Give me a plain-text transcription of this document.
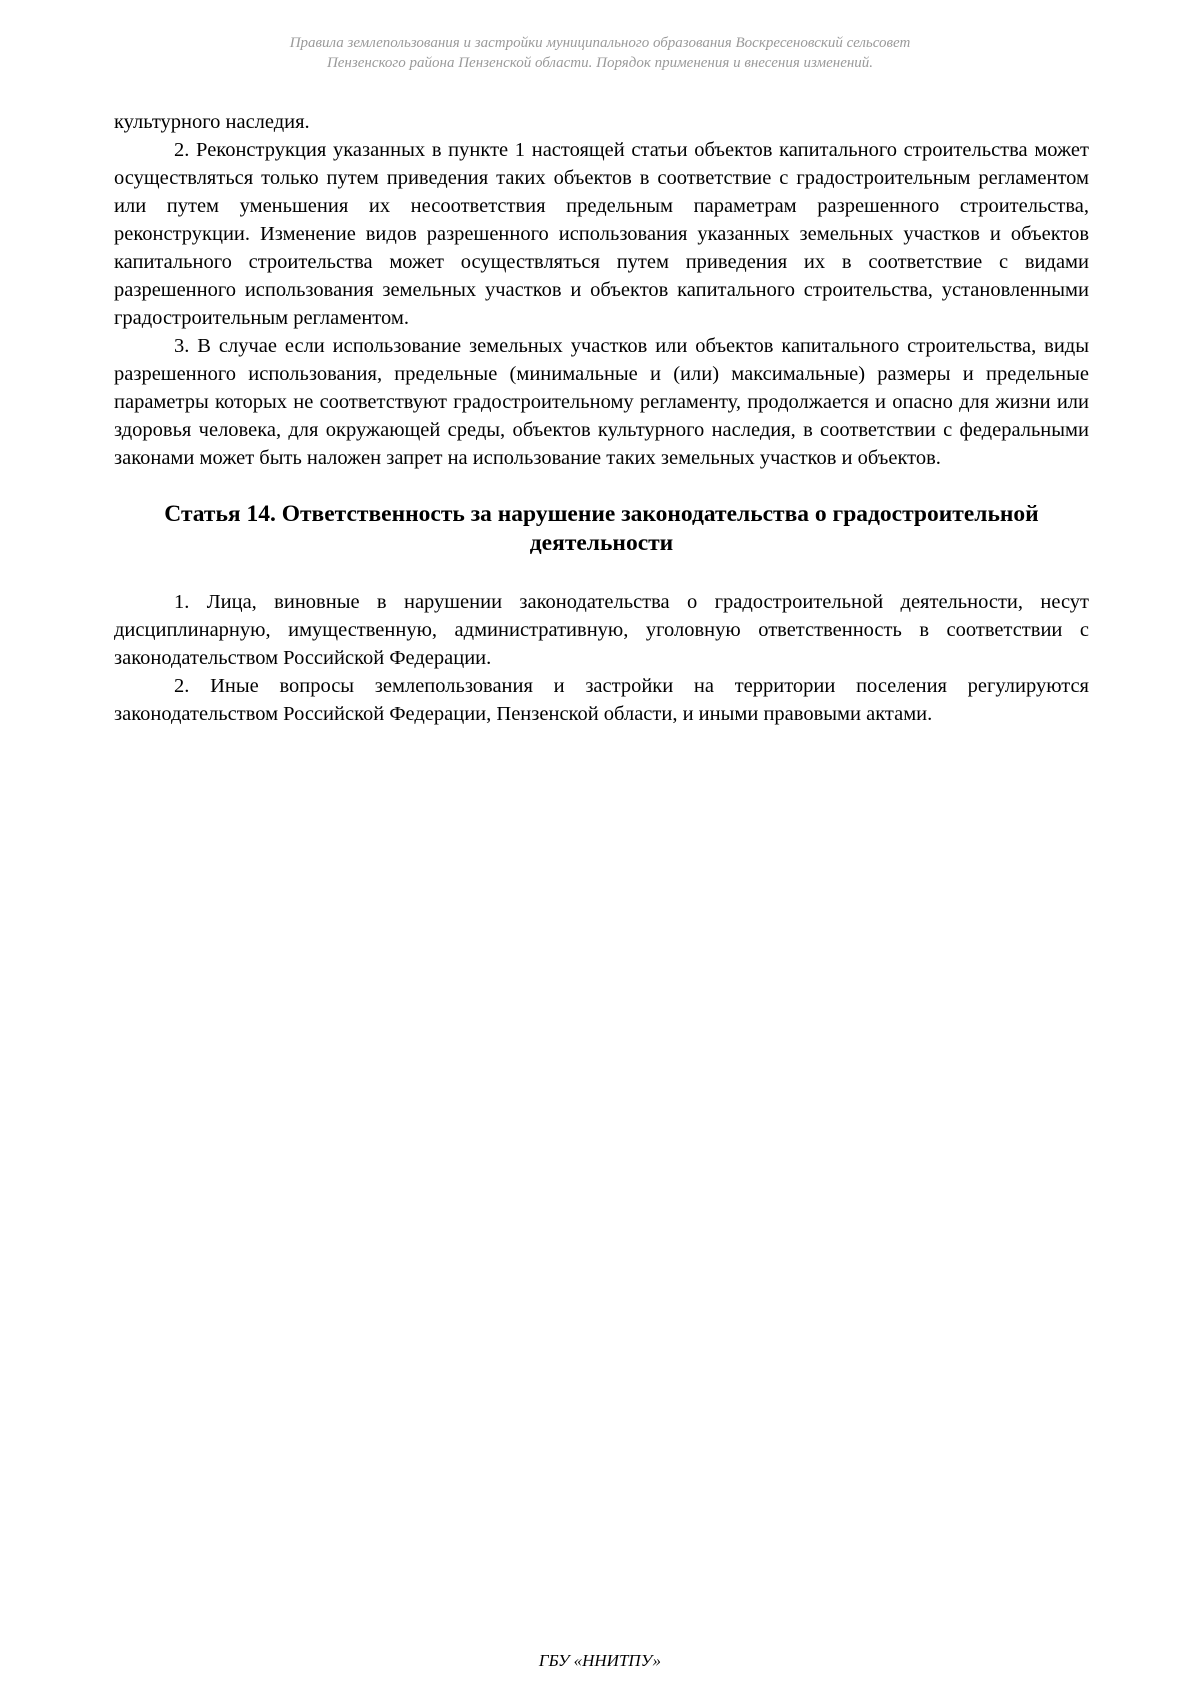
Правила землепользования и застройки муниципального образования Воскресеновский сельсовет
Пензенского района Пензенской области. Порядок применения и внесения изменений.

культурного наследия.

2. Реконструкция указанных в пункте 1 настоящей статьи объектов капитального строительства может осуществляться только путем приведения таких объектов в соответствие с градостроительным регламентом или путем уменьшения их несоответствия предельным параметрам разрешенного строительства, реконструкции. Изменение видов разрешенного использования указанных земельных участков и объектов капитального строительства может осуществляться путем приведения их в соответствие с видами разрешенного использования земельных участков и объектов капитального строительства, установленными градостроительным регламентом.

3. В случае если использование земельных участков или объектов капитального строительства, виды разрешенного использования, предельные (минимальные и (или) максимальные) размеры и предельные параметры которых не соответствуют градостроительному регламенту, продолжается и опасно для жизни или здоровья человека, для окружающей среды, объектов культурного наследия, в соответствии с федеральными законами может быть наложен запрет на использование таких земельных участков и объектов.

Статья 14. Ответственность за нарушение законодательства о градостроительной деятельности

1. Лица, виновные в нарушении законодательства о градостроительной деятельности, несут дисциплинарную, имущественную, административную, уголовную ответственность в соответствии с законодательством Российской Федерации.

2. Иные вопросы землепользования и застройки на территории поселения регулируются законодательством Российской Федерации, Пензенской области, и иными правовыми актами.

ГБУ «ННИТПУ»
